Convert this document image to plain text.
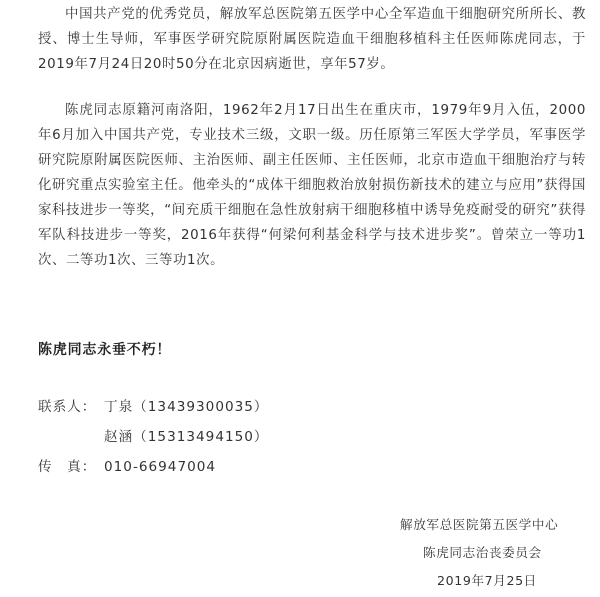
中国共产党的优秀党员，解放军总医院第五医学中心全军造血干细胞研究所所长、教授、博士生导师，军事医学研究院原附属医院造血干细胞移植科主任医师陈虎同志，于2019年7月24日20时50分在北京因病逝世，享年57岁。

陈虎同志原籍河南洛阳，1962年2月17日出生在重庆市，1979年9月入伍，2000年6月加入中国共产党，专业技术三级，文职一级。历任原第三军医大学学员，军事医学研究院原附属医院医师、主治医师、副主任医师、主任医师，北京市造血干细胞治疗与转化研究重点实验室主任。他牵头的“成体干细胞救治放射损伤新技术的建立与应用”获得国家科技进步一等奖，“间充质干细胞在急性放射病干细胞移植中诱导免疫耐受的研究”获得军队科技进步一等奖，2016年获得“何梁何利基金科学与技术进步奖”。曾荣立一等功1次、二等功1次、三等功1次。

陈虎同志永垂不朽！

联系人： 丁泉（13439300035）
赵涵（15313494150）
传　真： 010-66947004
解放军总医院第五医学中心
陈虎同志治丧委员会
2019年7月25日
